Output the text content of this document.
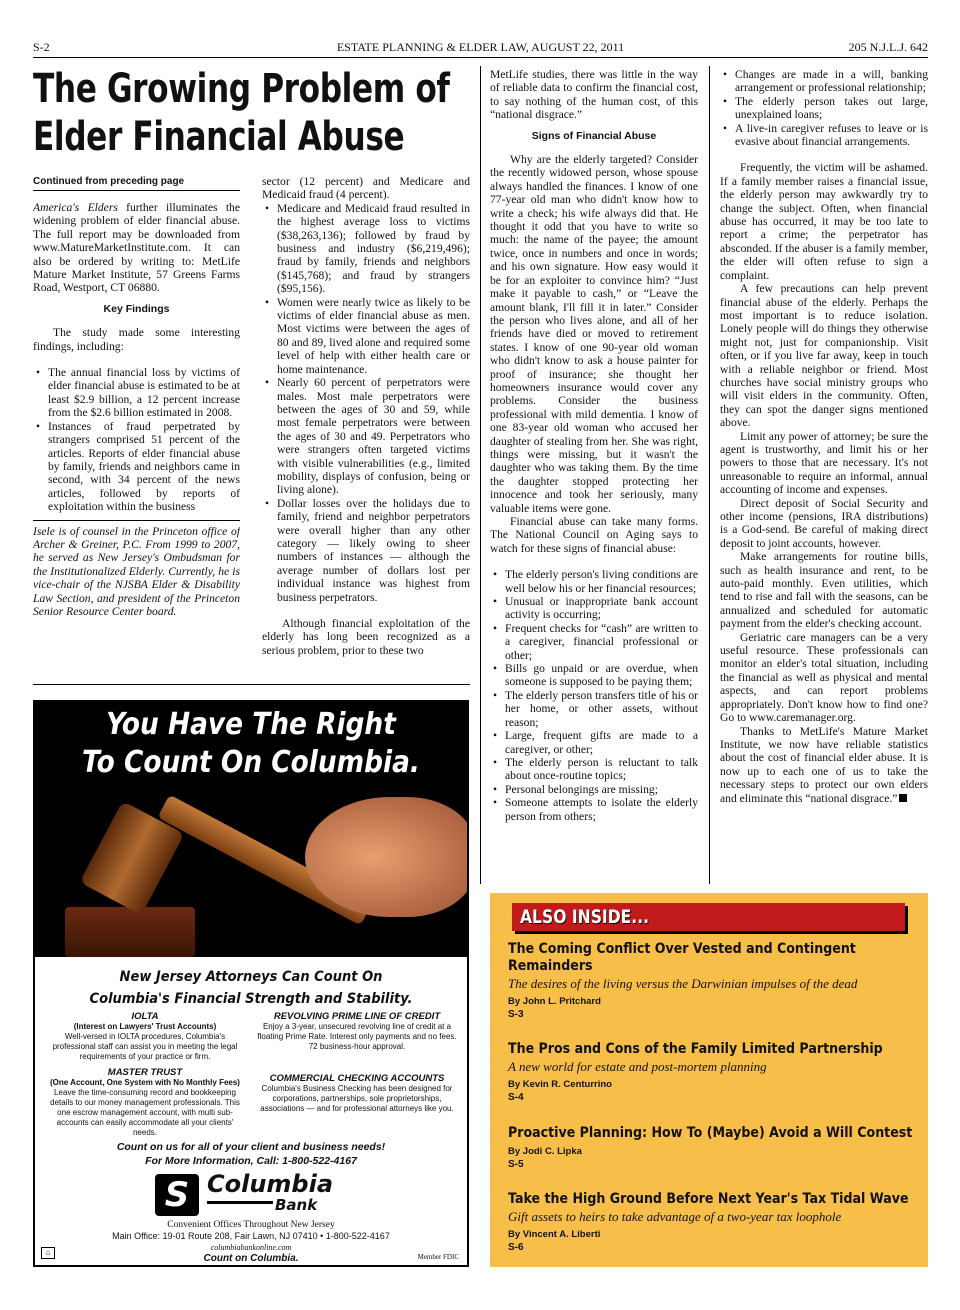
S-2	ESTATE PLANNING & ELDER LAW, AUGUST 22, 2011	205 N.J.L.J. 642
The Growing Problem of
Elder Financial Abuse
Continued from preceding page

America's Elders further illuminates the widening problem of elder financial abuse. The full report may be downloaded from www.MatureMarketInstitute.com. It can also be ordered by writing to: MetLife Mature Market Institute, 57 Greens Farms Road, Westport, CT 06880.

Key Findings

The study made some interesting findings, including:

• The annual financial loss by victims of elder financial abuse is estimated to be at least $2.9 billion, a 12 percent increase from the $2.6 billion estimated in 2008.
• Instances of fraud perpetrated by strangers comprised 51 percent of the articles. Reports of elder financial abuse by family, friends and neighbors came in second, with 34 percent of the news articles, followed by reports of exploitation within the business
Isele is of counsel in the Princeton office of Archer & Greiner, P.C. From 1999 to 2007, he served as New Jersey's Ombudsman for the Institutionalized Elderly. Currently, he is vice-chair of the NJSBA Elder & Disability Law Section, and president of the Princeton Senior Resource Center board.

sector (12 percent) and Medicare and Medicaid fraud (4 percent).

• Medicare and Medicaid fraud resulted in the highest average loss to victims ($38,263,136); followed by fraud by business and industry ($6,219,496); fraud by family, friends and neighbors ($145,768); and fraud by strangers ($95,156).
• Women were nearly twice as likely to be victims of elder financial abuse as men. Most victims were between the ages of 80 and 89, lived alone and required some level of help with either health care or home maintenance.
• Nearly 60 percent of perpetrators were males. Most male perpetrators were between the ages of 30 and 59, while most female perpetrators were between the ages of 30 and 49. Perpetrators who were strangers often targeted victims with visible vulnerabilities (e.g., limited mobility, displays of confusion, being or living alone).
• Dollar losses over the holidays due to family, friend and neighbor perpetrators were overall higher than any other category — likely owing to sheer numbers of instances — although the average number of dollars lost per individual instance was highest from business perpetrators.

Although financial exploitation of the elderly has long been recognized as a serious problem, prior to these two

MetLife studies, there was little in the way of reliable data to confirm the financial cost, to say nothing of the human cost, of this “national disgrace.”

Signs of Financial Abuse

Why are the elderly targeted? Consider the recently widowed person, whose spouse always handled the finances. I know of one 77-year old man who didn't know how to write a check; his wife always did that. He thought it odd that you have to write so much: the name of the payee; the amount twice, once in numbers and once in words; and his own signature. How easy would it be for an exploiter to convince him? “Just make it payable to cash,” or “Leave the amount blank, I'll fill it in later.” Consider the person who lives alone, and all of her friends have died or moved to retirement states. I know of one 90-year old woman who didn't know to ask a house painter for proof of insurance; she thought her homeowners insurance would cover any problems. Consider the business professional with mild dementia. I know of one 83-year old woman who accused her daughter of stealing from her. She was right, things were missing, but it wasn't the daughter who was taking them. By the time the daughter stopped protecting her innocence and took her seriously, many valuable items were gone.

Financial abuse can take many forms. The National Council on Aging says to watch for these signs of financial abuse:

• The elderly person's living conditions are well below his or her financial resources;
• Unusual or inappropriate bank account activity is occurring;
• Frequent checks for “cash” are written to a caregiver, financial professional or other;
• Bills go unpaid or are overdue, when someone is supposed to be paying them;
• The elderly person transfers title of his or her home, or other assets, without reason;
• Large, frequent gifts are made to a caregiver, or other;
• The elderly person is reluctant to talk about once-routine topics;
• Personal belongings are missing;
• Someone attempts to isolate the elderly person from others;
• Changes are made in a will, banking arrangement or professional relationship;
• The elderly person takes out large, unexplained loans;
• A live-in caregiver refuses to leave or is evasive about financial arrangements.

Frequently, the victim will be ashamed. If a family member raises a financial issue, the elderly person may awkwardly try to change the subject. Often, when financial abuse has occurred, it may be too late to report a crime; the perpetrator has absconded. If the abuser is a family member, the elder will often refuse to sign a complaint.

A few precautions can help prevent financial abuse of the elderly. Perhaps the most important is to reduce isolation. Lonely people will do things they otherwise might not, just for companionship. Visit often, or if you live far away, keep in touch with a reliable neighbor or friend. Most churches have social ministry groups who will visit elders in the community. Often, they can spot the danger signs mentioned above.

Limit any power of attorney; be sure the agent is trustworthy, and limit his or her powers to those that are necessary. It's not unreasonable to require an informal, annual accounting of income and expenses.

Direct deposit of Social Security and other income (pensions, IRA distributions) is a God-send. Be careful of making direct deposit to joint accounts, however.

Make arrangements for routine bills, such as health insurance and rent, to be auto-paid monthly. Even utilities, which tend to rise and fall with the seasons, can be annualized and scheduled for automatic payment from the elder's checking account.

Geriatric care managers can be a very useful resource. These professionals can monitor an elder's total situation, including the financial as well as physical and mental aspects, and can report problems appropriately. Don't know how to find one? Go to www.caremanager.org.

Thanks to MetLife's Mature Market Institute, we now have reliable statistics about the cost of financial elder abuse. It is now up to each one of us to take the necessary steps to protect our own elders and eliminate this “national disgrace.”

You Have The Right
To Count On Columbia.
New Jersey Attorneys Can Count On
Columbia's Financial Strength and Stability.
IOLTA
(Interest on Lawyers' Trust Accounts)
Well-versed in IOLTA procedures, Columbia's professional staff can assist you in meeting the legal requirements of your practice or firm.
REVOLVING PRIME LINE OF CREDIT
Enjoy a 3-year, unsecured revolving line of credit at a floating Prime Rate. Interest only payments and no fees. 72 business-hour approval.
MASTER TRUST
(One Account, One System with No Monthly Fees)
Leave the time-consuming record and bookkeeping details to our money management professionals. This one escrow management account, with multi sub-accounts can easily accommodate all your clients' needs.
COMMERCIAL CHECKING ACCOUNTS
Columbia's Business Checking has been designed for corporations, partnerships, sole proprietorships, associations — and for professional attorneys like you.
Count on us for all of your client and business needs!
For More Information, Call: 1-800-522-4167
S Columbia
Bank
Convenient Offices Throughout New Jersey
Main Office: 19-01 Route 208, Fair Lawn, NJ 07410 • 1-800-522-4167
columbiabankonline.com
Count on Columbia.
⌂	Member FDIC
ALSO INSIDE...
The Coming Conflict Over Vested and Contingent Remainders
The desires of the living versus the Darwinian impulses of the dead
By John L. Pritchard
S-3
The Pros and Cons of the Family Limited Partnership
A new world for estate and post-mortem planning
By Kevin R. Centurrino
S-4
Proactive Planning: How To (Maybe) Avoid a Will Contest
By Jodi C. Lipka
S-5
Take the High Ground Before Next Year's Tax Tidal Wave
Gift assets to heirs to take advantage of a two-year tax loophole
By Vincent A. Liberti
S-6
